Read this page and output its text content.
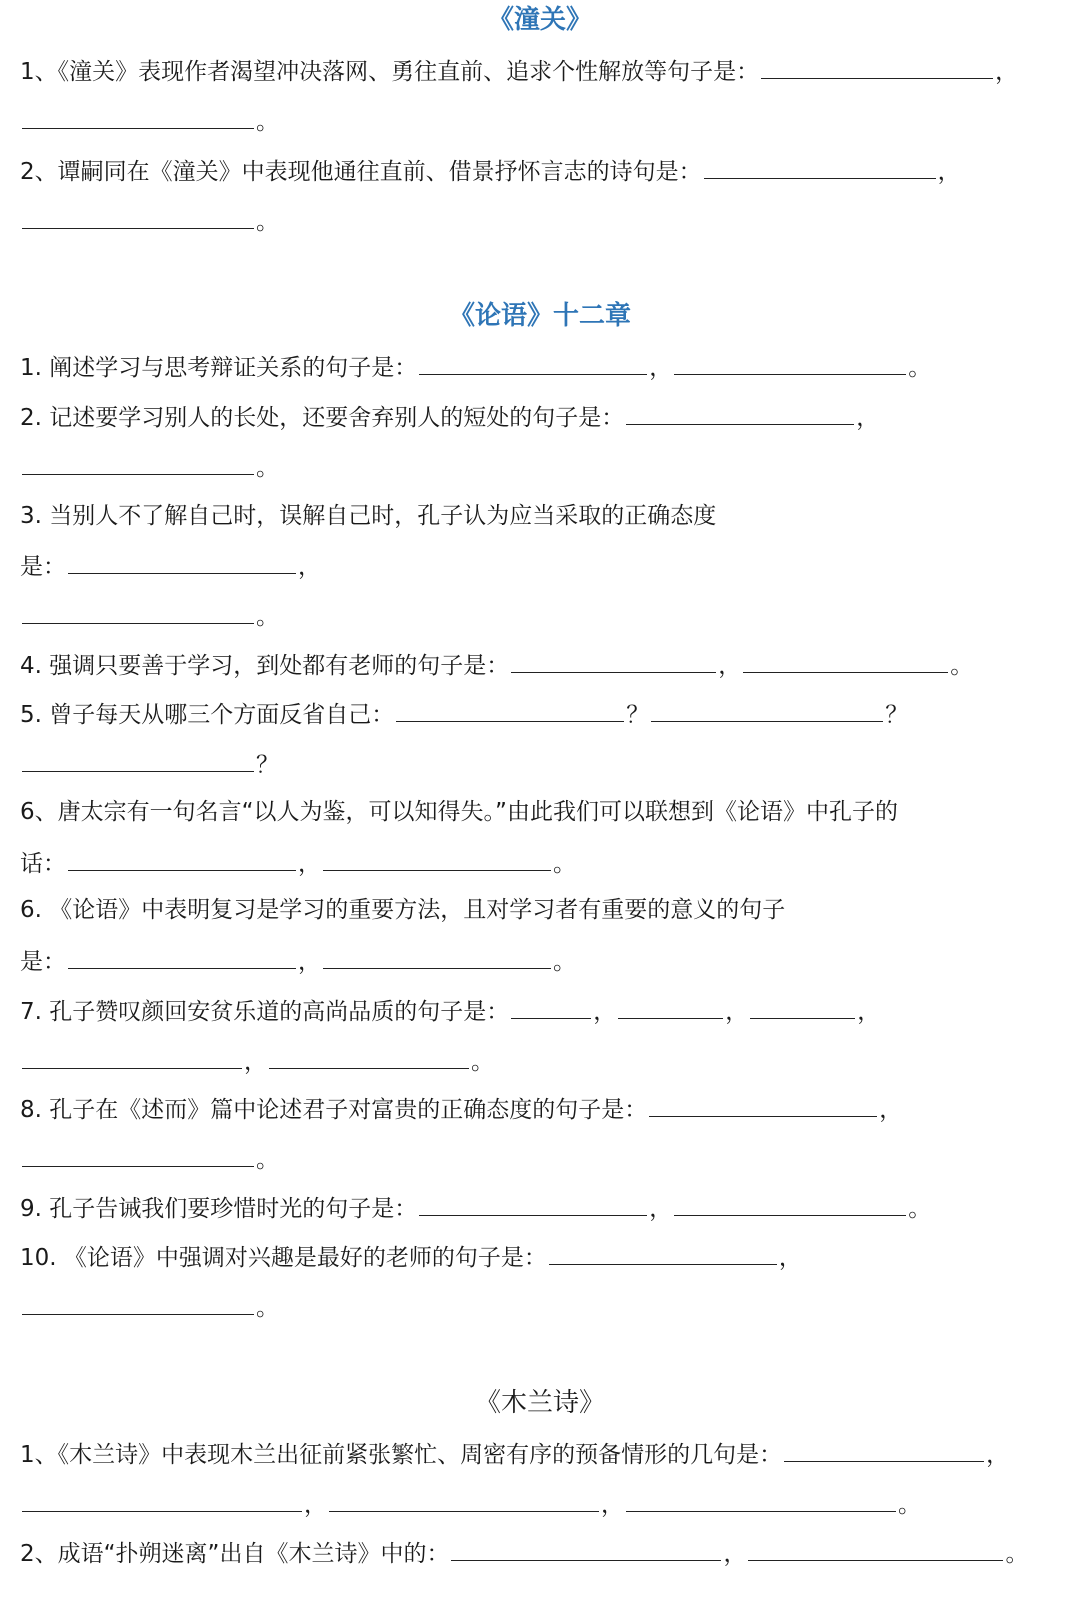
《潼关》
1、《潼关》表现作者渴望冲决落网、勇往直前、追求个性解放等句子是：	，
。
2、谭嗣同在《潼关》中表现他通往直前、借景抒怀言志的诗句是：	，
。
《论语》十二章
1. 阐述学习与思考辩证关系的句子是：	，	。
2. 记述要学习别人的长处，还要舍弃别人的短处的句子是：	，
。
3. 当别人不了解自己时，误解自己时，孔子认为应当采取的正确态度
是：	，
。
4. 强调只要善于学习，到处都有老师的句子是：	，	。
5. 曾子每天从哪三个方面反省自己：	？	？
？
6、唐太宗有一句名言“以人为鉴，可以知得失。”由此我们可以联想到《论语》中孔子的
话：	，	。
6. 《论语》中表明复习是学习的重要方法，且对学习者有重要的意义的句子
是：	，	。
7. 孔子赞叹颜回安贫乐道的高尚品质的句子是：	，	，	，
，	。
8. 孔子在《述而》篇中论述君子对富贵的正确态度的句子是：	，
。
9. 孔子告诫我们要珍惜时光的句子是：	，	。
10. 《论语》中强调对兴趣是最好的老师的句子是：	，
。
《木兰诗》
1、《木兰诗》中表现木兰出征前紧张繁忙、周密有序的预备情形的几句是：	，
，	，	。
2、成语“扑朔迷离”出自《木兰诗》中的：	，	。
